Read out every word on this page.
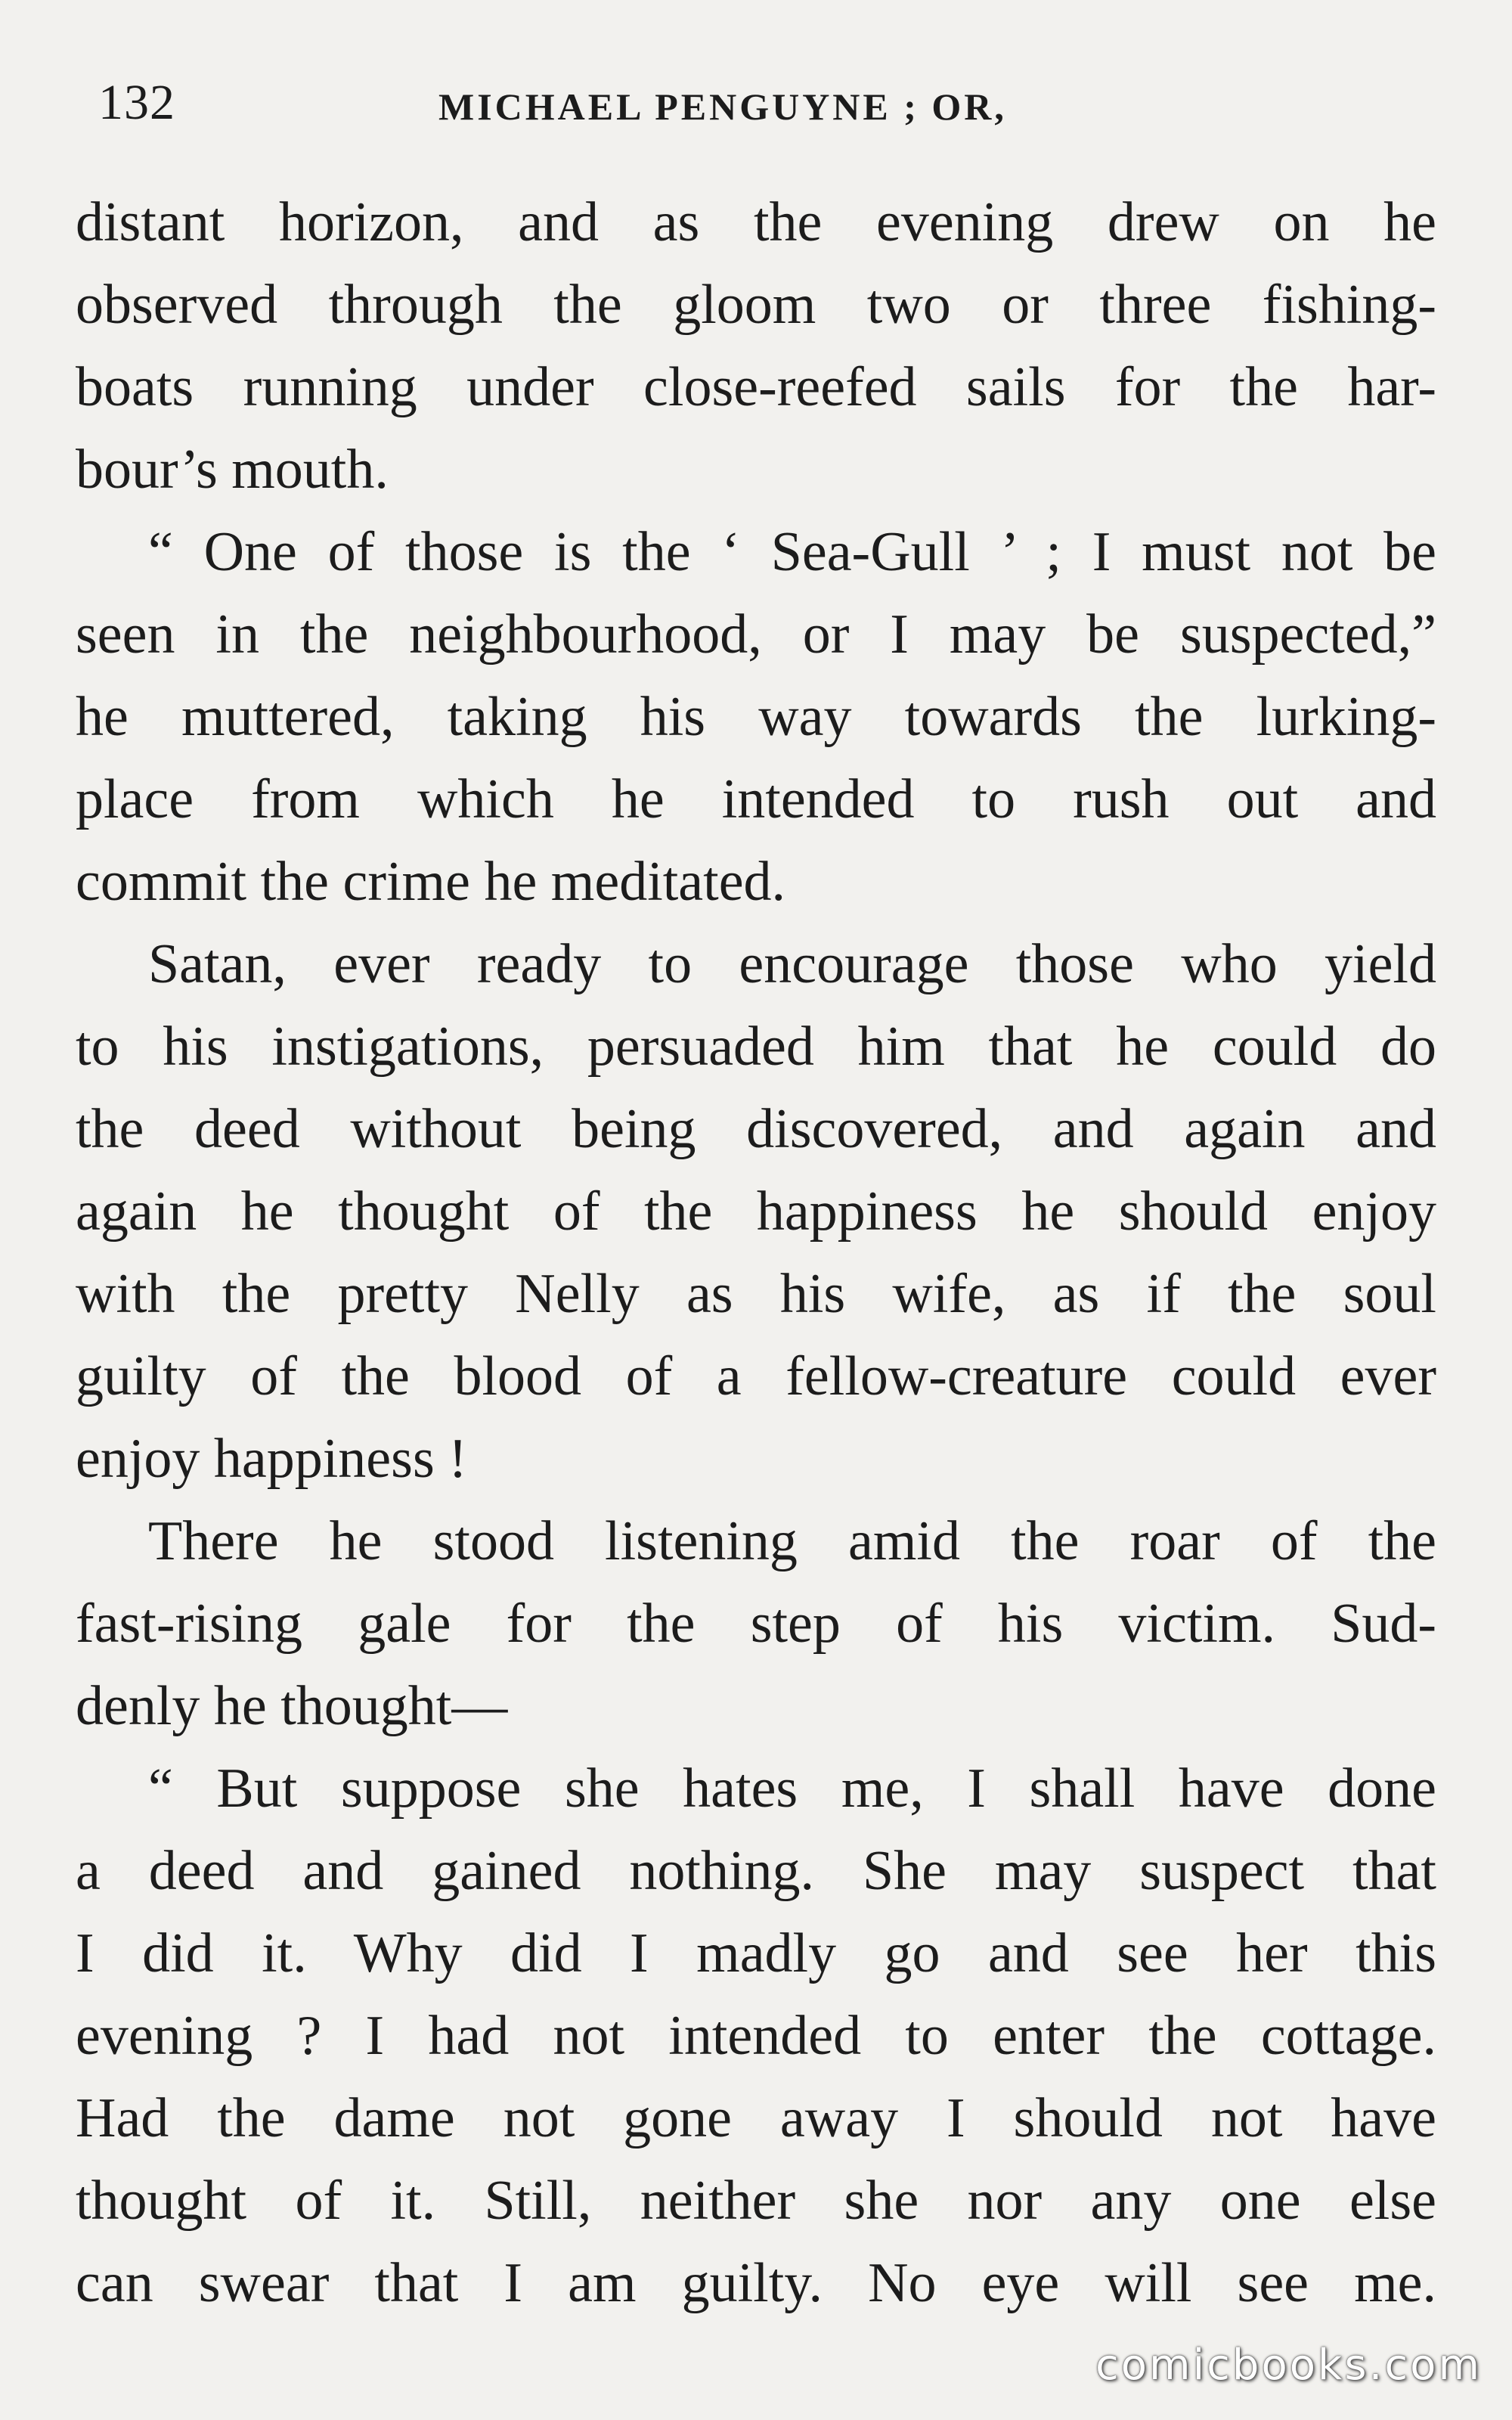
132	MICHAEL PENGUYNE ; OR,
distant horizon, and as the evening drew on he
observed through the gloom two or three fishing-
boats running under close-reefed sails for the har-
bour’s mouth.
“ One of those is the ‘ Sea-Gull ’ ; I must not be
seen in the neighbourhood, or I may be suspected,”
he muttered, taking his way towards the lurking-
place from which he intended to rush out and
commit the crime he meditated.
Satan, ever ready to encourage those who yield
to his instigations, persuaded him that he could do
the deed without being discovered, and again and
again he thought of the happiness he should enjoy
with the pretty Nelly as his wife, as if the soul
guilty of the blood of a fellow-creature could ever
enjoy happiness !
There he stood listening amid the roar of the
fast-rising gale for the step of his victim. Sud-
denly he thought—
“ But suppose she hates me, I shall have done
a deed and gained nothing. She may suspect that
I did it. Why did I madly go and see her this
evening ? I had not intended to enter the cottage.
Had the dame not gone away I should not have
thought of it. Still, neither she nor any one else
can swear that I am guilty. No eye will see me.
comicbooks.com
